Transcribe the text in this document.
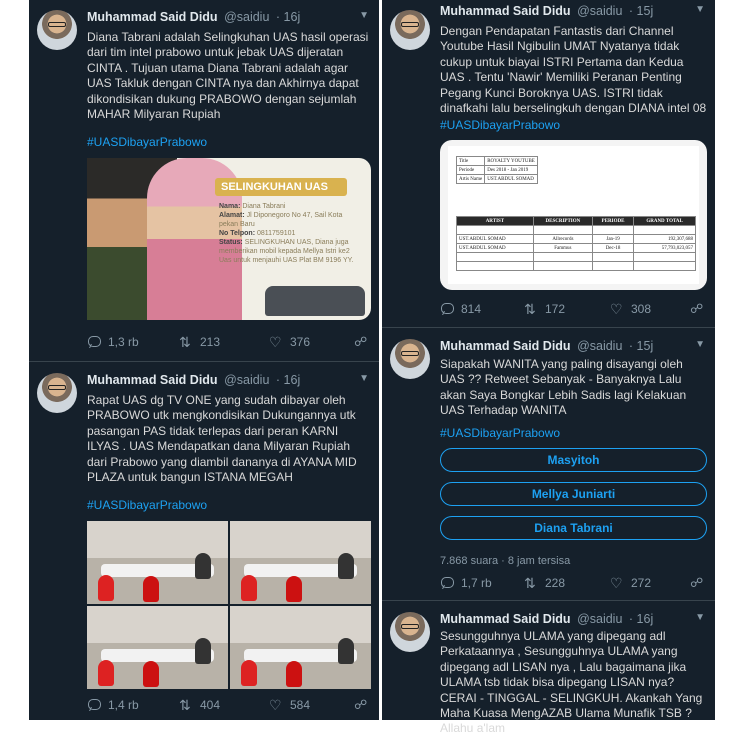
Muhammad Said Didu @saidiu · 16j	▼
Diana Tabrani adalah Selingkuhan UAS hasil operasi dari tim intel prabowo untuk jebak UAS dijeratan CINTA . Tujuan utama Diana Tabrani adalah agar UAS Takluk dengan CINTA nya dan Akhirnya dapat dikondisikan dukung PRABOWO dengan sejumlah MAHAR Milyaran Rupiah
#UASDibayarPrabowo
SELINGKUHAN UAS
Nama: Diana Tabrani
Alamat: Jl Diponegoro No 47, Sail Kota pekan Baru
No Telpon: 0811759101
Status: SELINGKUHAN UAS, Diana juga memberikan mobil kepada Mellya Istri ke2 Uas untuk menjauhi UAS Plat BM 9196 YY.
1,3 rb	⇅ 213	♡ 376	☍
Muhammad Said Didu @saidiu · 16j	▼
Rapat UAS dg TV ONE yang sudah dibayar oleh PRABOWO utk mengkondisikan Dukungannya utk pasangan PAS tidak terlepas dari peran KARNI ILYAS . UAS Mendapatkan dana Milyaran Rupiah dari Prabowo yang diambil dananya di AYANA MID PLAZA untuk bangun ISTANA MEGAH
#UASDibayarPrabowo
1,4 rb	⇅ 404	♡ 584	☍
Muhammad Said Didu @saidiu · 15j	▼
Dengan Pendapatan Fantastis dari Channel Youtube Hasil Ngibulin UMAT Nyatanya tidak cukup untuk biayai ISTRI Pertama dan Kedua UAS . Tentu 'Nawir' Memiliki Peranan Penting Pegang Kunci Boroknya UAS. ISTRI tidak dinafkahi lalu berselingkuh dengan DIANA intel 08
#UASDibayarPrabowo
Title	ROYALTY YOUTUBE
Periode	Des 2018 - Jan 2019
Artis Name	UST.ABDUL SOMAD
ARTIST	DESCRIPTION	PERIODE	GRAND TOTAL

UST.ABDUL SOMAD	Allrecords	Jan-19	192,307,688
UST.ABDUL SOMAD	Fammus	Dec-18	57,793,023,057

814	⇅ 172	♡ 308	☍
Muhammad Said Didu @saidiu · 15j	▼
Siapakah WANITA yang paling disayangi oleh UAS ?? Retweet Sebanyak - Banyaknya Lalu akan Saya Bongkar Lebih Sadis lagi Kelakuan UAS Terhadap WANITA
#UASDibayarPrabowo
Masyitoh
Mellya Juniarti
Diana Tabrani
7.868 suara · 8 jam tersisa
1,7 rb ⇅ 228	♡ 272	☍
Muhammad Said Didu @saidiu · 16j	▼
Sesungguhnya ULAMA yang dipegang adl Perkataannya , Sesungguhnya ULAMA yang dipegang adl LISAN nya , Lalu bagaimana jika ULAMA tsb tidak bisa dipegang LISAN nya? CERAI - TINGGAL - SELINGKUH. Akankah Yang Maha Kuasa MengAZAB Ulama Munafik TSB ? Allahu a'lam
